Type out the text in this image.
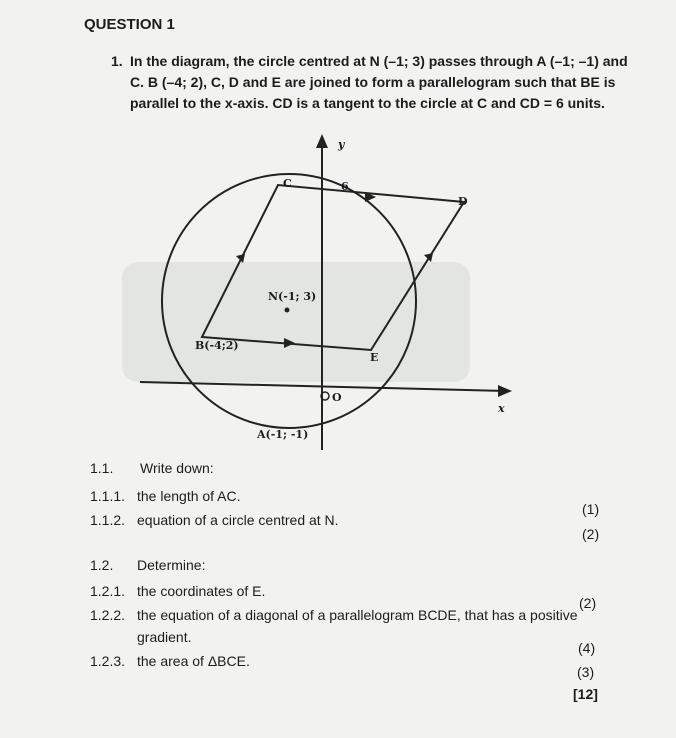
QUESTION 1
1. In the diagram, the circle centred at N (–1; 3) passes through A (–1; –1) and
C. B (–4; 2), C, D and E are joined to form a parallelogram such that BE is
parallel to the x-axis. CD is a tangent to the circle at C and CD = 6 units.
y
x
O
C
D
E
6
N(-1; 3)
B(-4;2)
A(-1; -1)
1.1. Write down:
1.1.1. the length of AC.
(1)
1.1.2. equation of a circle centred at N.
(2)
1.2. Determine:
1.2.1. the coordinates of E.
(2)
1.2.2. the equation of a diagonal of a parallelogram BCDE, that has a positive
gradient.
(4)
1.2.3. the area of ΔBCE.
(3)
[12]
